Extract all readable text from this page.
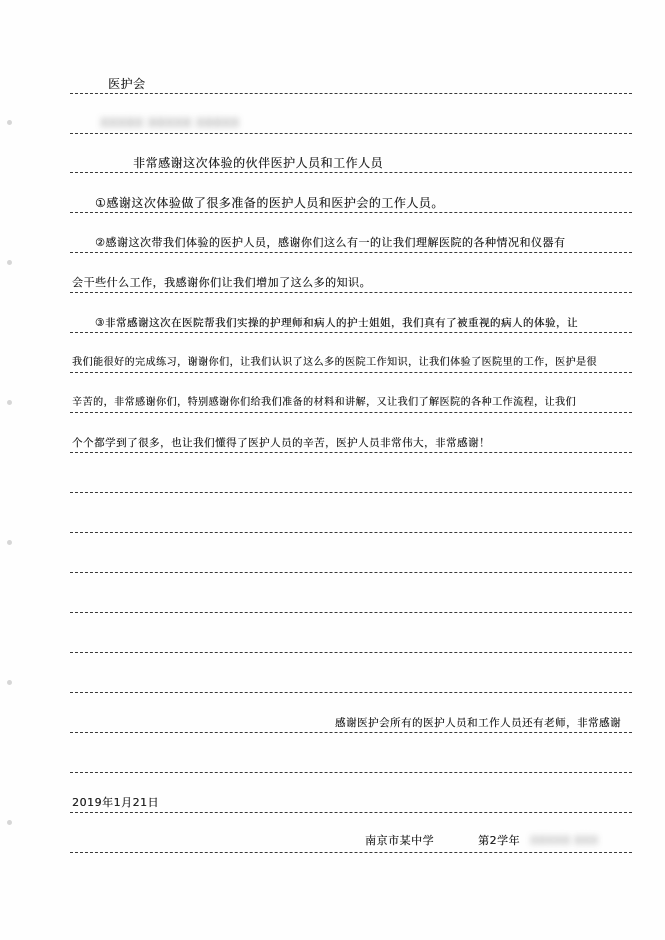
医护会
XXXXX XXXXX XXXXX
非常感谢这次体验的伙伴医护人员和工作人员
①感谢这次体验做了很多准备的医护人员和医护会的工作人员。
②感谢这次带我们体验的医护人员，感谢你们这么有一的让我们理解医院的各种情况和仪器有
会干些什么工作，我感谢你们让我们增加了这么多的知识。
③非常感谢这次在医院帮我们实操的护理师和病人的护士姐姐，我们真有了被重视的病人的体验，让
我们能很好的完成练习，谢谢你们，让我们认识了这么多的医院工作知识，让我们体验了医院里的工作，医护是很
辛苦的，非常感谢你们，特别感谢你们给我们准备的材料和讲解，又让我们了解医院的各种工作流程，让我们
个个都学到了很多，也让我们懂得了医护人员的辛苦，医护人员非常伟大，非常感谢！
感谢医护会所有的医护人员和工作人员还有老师，非常感谢
2019年1月21日
南京市某中学	第2学年 XXXXX XXX
